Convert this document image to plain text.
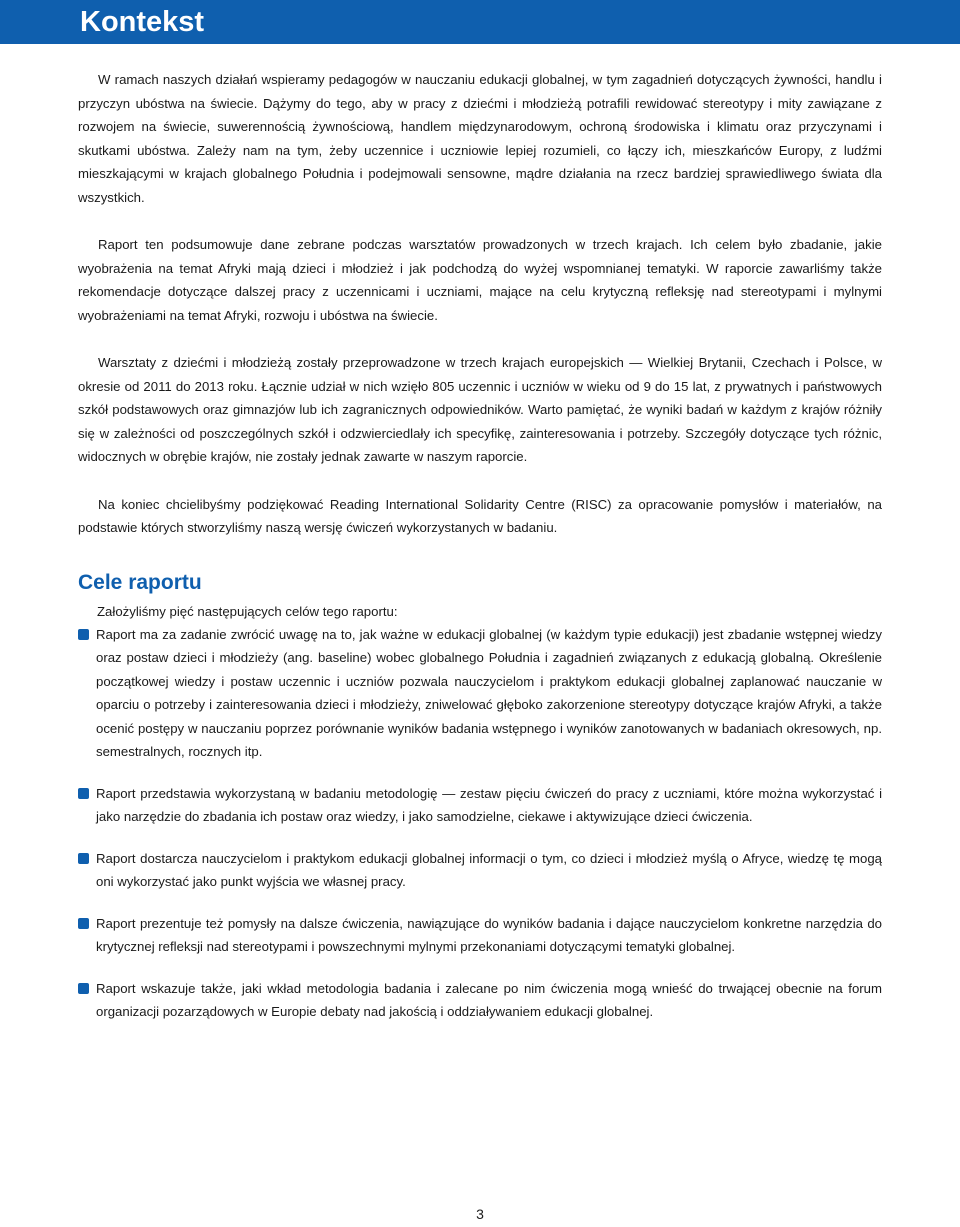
Kontekst

W ramach naszych działań wspieramy pedagogów w nauczaniu edukacji globalnej, w tym zagadnień dotyczących żywności, handlu i przyczyn ubóstwa na świecie. Dążymy do tego, aby w pracy z dziećmi i młodzieżą potrafili rewidować stereotypy i mity zawiązane z rozwojem na świecie, suwerennością żywnościową, handlem międzynarodowym, ochroną środowiska i klimatu oraz przyczynami i skutkami ubóstwa. Zależy nam na tym, żeby uczennice i uczniowie lepiej rozumieli, co łączy ich, mieszkańców Europy, z ludźmi mieszkającymi w krajach globalnego Południa i podejmowali sensowne, mądre działania na rzecz bardziej sprawiedliwego świata dla wszystkich.

Raport ten podsumowuje dane zebrane podczas warsztatów prowadzonych w trzech krajach. Ich celem było zbadanie, jakie wyobrażenia na temat Afryki mają dzieci i młodzież i jak podchodzą do wyżej wspomnianej tematyki. W raporcie zawarliśmy także rekomendacje dotyczące dalszej pracy z uczennicami i uczniami, mające na celu krytyczną refleksję nad stereotypami i mylnymi wyobrażeniami na temat Afryki, rozwoju i ubóstwa na świecie.

Warsztaty z dziećmi i młodzieżą zostały przeprowadzone w trzech krajach europejskich — Wielkiej Brytanii, Czechach i Polsce, w okresie od 2011 do 2013 roku. Łącznie udział w nich wzięło 805 uczennic i uczniów w wieku od 9 do 15 lat, z prywatnych i państwowych szkół podstawowych oraz gimnazjów lub ich zagranicznych odpowiedników. Warto pamiętać, że wyniki badań w każdym z krajów różniły się w zależności od poszczególnych szkół i odzwierciedlały ich specyfikę, zainteresowania i potrzeby. Szczegóły dotyczące tych różnic, widocznych w obrębie krajów, nie zostały jednak zawarte w naszym raporcie.

Na koniec chcielibyśmy podziękować Reading International Solidarity Centre (RISC) za opracowanie pomysłów i materiałów, na podstawie których stworzyliśmy naszą wersję ćwiczeń wykorzystanych w badaniu.

Cele raportu

Założyliśmy pięć następujących celów tego raportu:

Raport ma za zadanie zwrócić uwagę na to, jak ważne w edukacji globalnej (w każdym typie edukacji) jest zbadanie wstępnej wiedzy oraz postaw dzieci i młodzieży (ang. baseline) wobec globalnego Południa i zagadnień związanych z edukacją globalną. Określenie początkowej wiedzy i postaw uczennic i uczniów pozwala nauczycielom i praktykom edukacji globalnej zaplanować nauczanie w oparciu o potrzeby i zainteresowania dzieci i młodzieży, zniwelować głęboko zakorzenione stereotypy dotyczące krajów Afryki, a także ocenić postępy w nauczaniu poprzez porównanie wyników badania wstępnego i wyników zanotowanych w badaniach okresowych, np. semestralnych, rocznych itp.
Raport przedstawia wykorzystaną w badaniu metodologię — zestaw pięciu ćwiczeń do pracy z uczniami, które można wykorzystać i jako narzędzie do zbadania ich postaw oraz wiedzy, i jako samodzielne, ciekawe i aktywizujące dzieci ćwiczenia.
Raport dostarcza nauczycielom i praktykom edukacji globalnej informacji o tym, co dzieci i młodzież myślą o Afryce, wiedzę tę mogą oni wykorzystać jako punkt wyjścia we własnej pracy.
Raport prezentuje też pomysły na dalsze ćwiczenia, nawiązujące do wyników badania i dające nauczycielom konkretne narzędzia do krytycznej refleksji nad stereotypami i powszechnymi mylnymi przekonaniami dotyczącymi tematyki globalnej.
Raport wskazuje także, jaki wkład metodologia badania i zalecane po nim ćwiczenia mogą wnieść do trwającej obecnie na forum organizacji pozarządowych w Europie debaty nad jakością i oddziaływaniem edukacji globalnej.
3
